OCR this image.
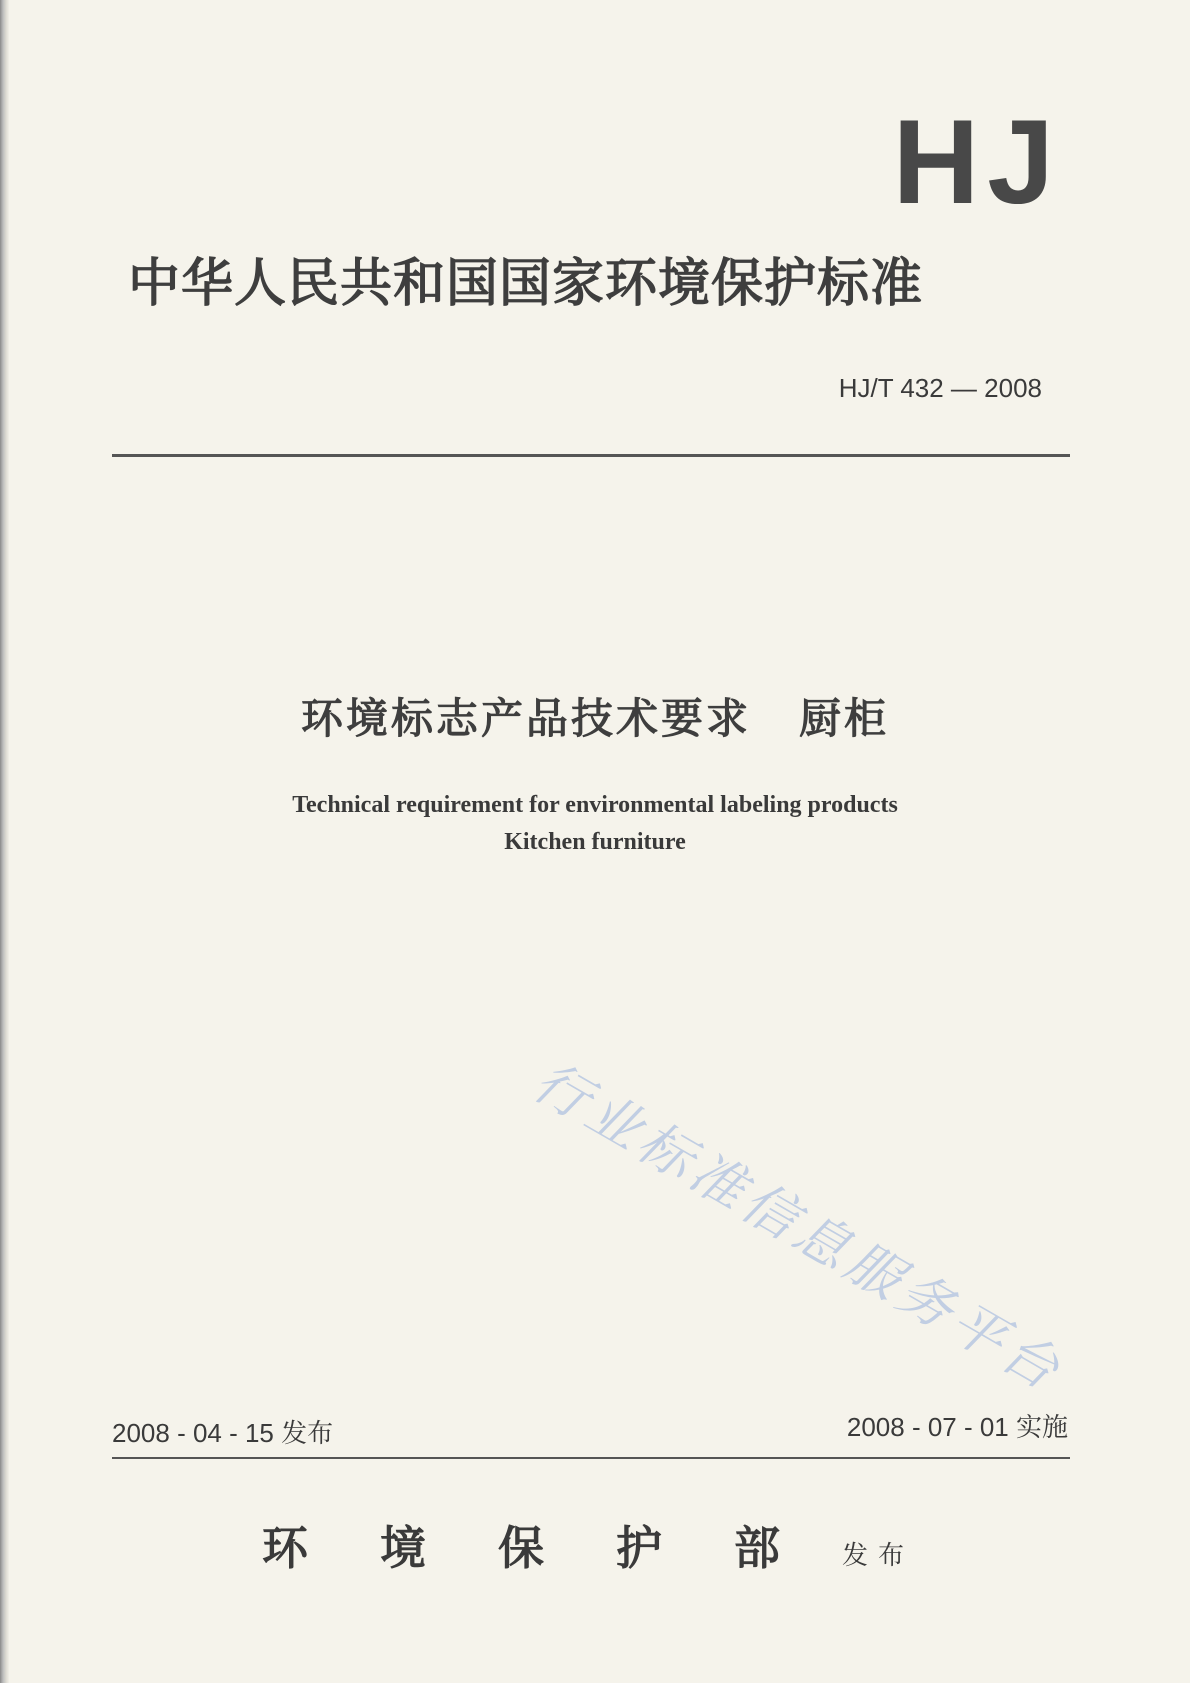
HJ
中华人民共和国国家环境保护标准
HJ/T 432 — 2008
环境标志产品技术要求 厨柜
Technical requirement for environmental labeling products
Kitchen furniture
行业标准信息服务平台
2008 - 04 - 15 发布	2008 - 07 - 01 实施
环境保护部
发布
